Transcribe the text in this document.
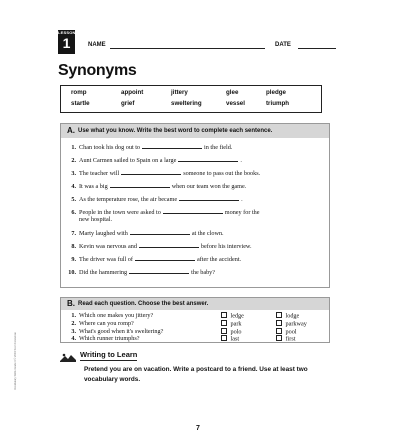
LESSON
1	NAME	DATE
Synonyms
romp	appoint	jittery	glee	pledge
startle	grief	sweltering	vessel	triumph
A. Use what you know. Write the best word to complete each sentence.
1. Chan took his dog out to	in the field.
2. Aunt Carmen sailed to Spain on a large	.
3. The teacher will	someone to pass out the books.
4. It was a big	when our team won the game.
5. As the temperature rose, the air became	.
6. People in the town were asked to	money for the
new hospital.
7. Marty laughed with	at the clown.
8. Kevin was nervous and	before his interview.
9. The driver was full of	after the accident.
10. Did the hammering	the baby?
B. Read each question. Choose the best answer.
1. Which one makes you jittery?	ledge	lodge
2. Where can you romp?	park	parkway
3. What's good when it's sweltering?	polo	pool
4. Which runner triumphs?	last	first
Vocabulary Skills Grade 3 © 2004 Scott Foresman	Writing to Learn
Pretend you are on vacation. Write a postcard to a friend. Use at least two vocabulary words.
7
